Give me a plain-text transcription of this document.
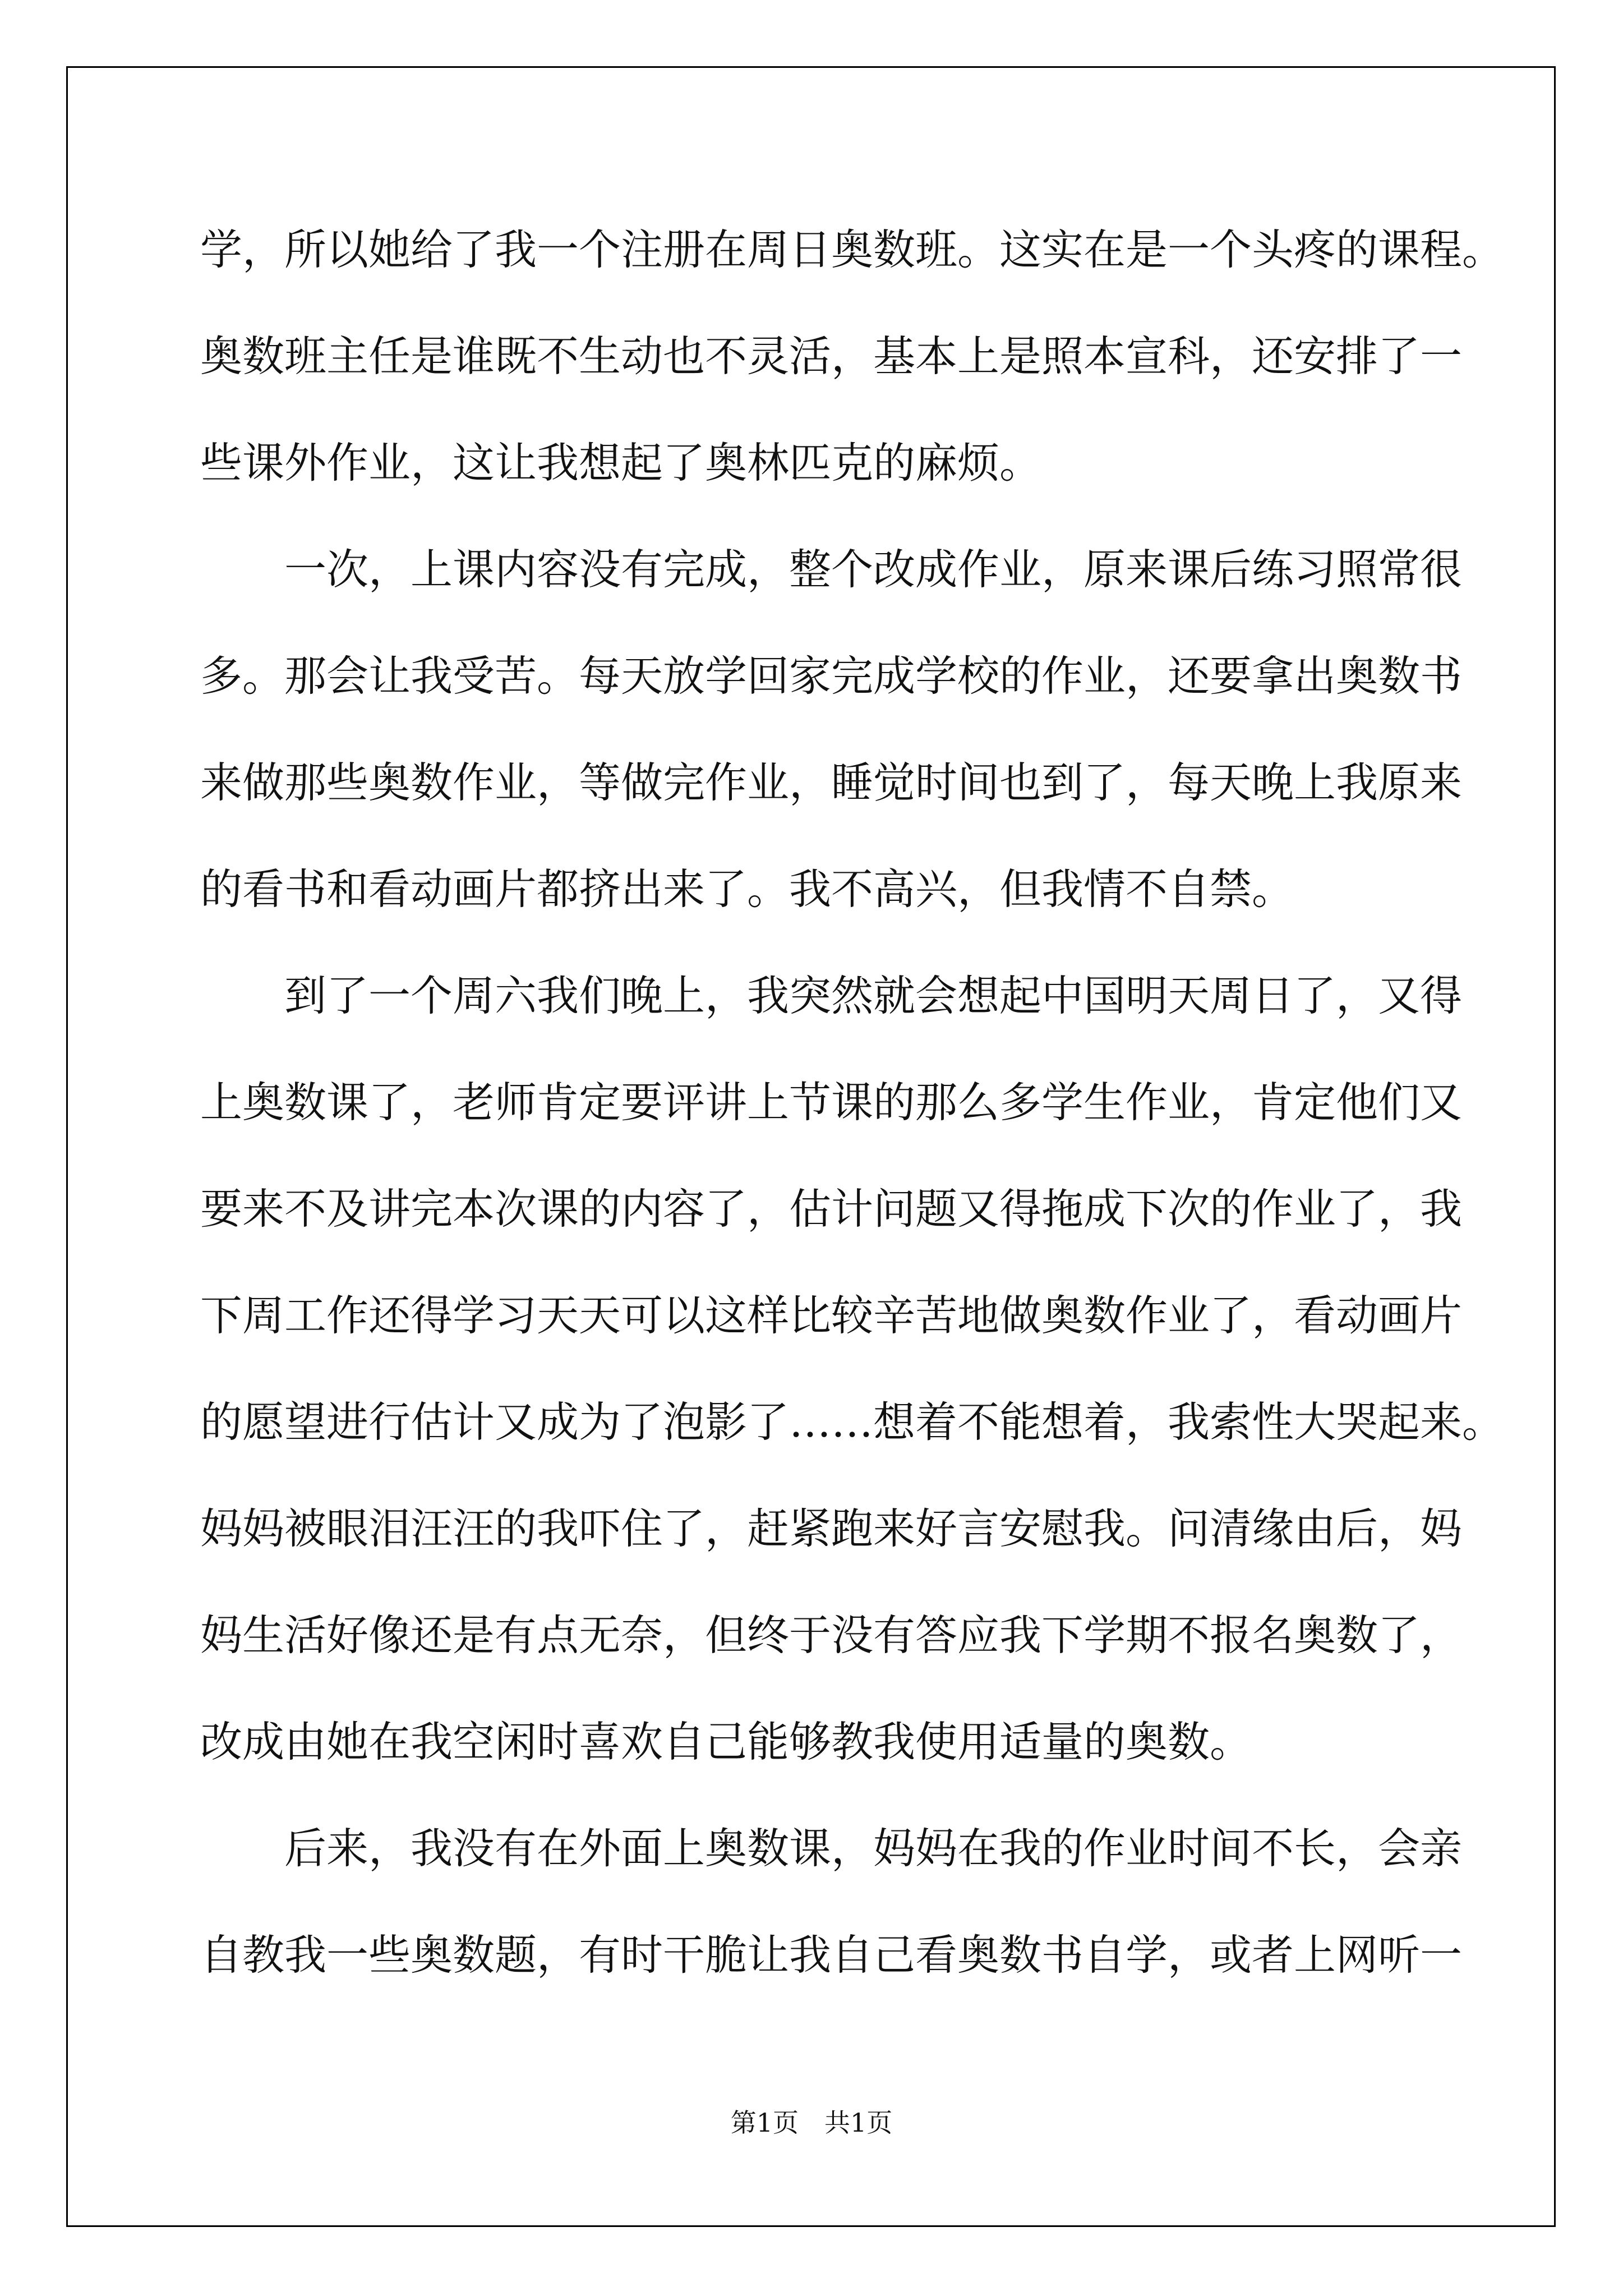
学，所以她给了我一个注册在周日奥数班。这实在是一个头疼的课程。
奥数班主任是谁既不生动也不灵活，基本上是照本宣科，还安排了一
些课外作业，这让我想起了奥林匹克的麻烦。
一次，上课内容没有完成，整个改成作业，原来课后练习照常很
多。那会让我受苦。每天放学回家完成学校的作业，还要拿出奥数书
来做那些奥数作业，等做完作业，睡觉时间也到了，每天晚上我原来
的看书和看动画片都挤出来了。我不高兴，但我情不自禁。
到了一个周六我们晚上，我突然就会想起中国明天周日了，又得
上奥数课了，老师肯定要评讲上节课的那么多学生作业，肯定他们又
要来不及讲完本次课的内容了，估计问题又得拖成下次的作业了，我
下周工作还得学习天天可以这样比较辛苦地做奥数作业了，看动画片
的愿望进行估计又成为了泡影了……想着不能想着，我索性大哭起来。
妈妈被眼泪汪汪的我吓住了，赶紧跑来好言安慰我。问清缘由后，妈
妈生活好像还是有点无奈，但终于没有答应我下学期不报名奥数了，
改成由她在我空闲时喜欢自己能够教我使用适量的奥数。
后来，我没有在外面上奥数课，妈妈在我的作业时间不长，会亲
自教我一些奥数题，有时干脆让我自己看奥数书自学，或者上网听一
第1页　共1页
